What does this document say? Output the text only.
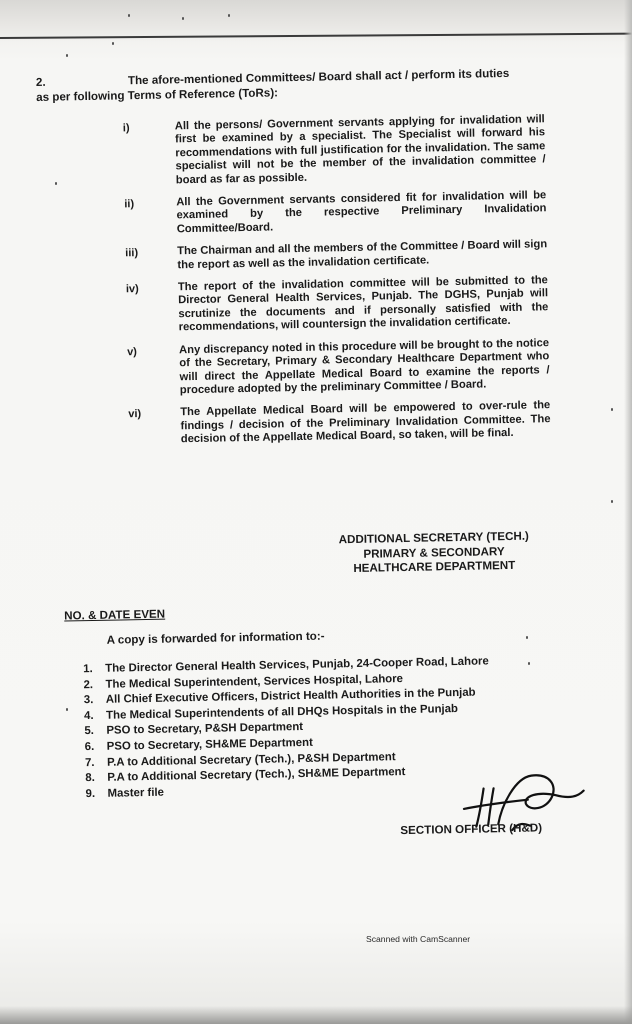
2.	The afore-mentioned Committees/ Board shall act / perform its duties
as per following Terms of Reference (ToRs):
i)	All the persons/ Government servants applying for invalidation will first be examined by a specialist. The Specialist will forward his recommendations with full justification for the invalidation. The same specialist will not be the member of the invalidation committee / board as far as possible.
ii)	All the Government servants considered fit for invalidation will be examined by the respective Preliminary Invalidation Committee/Board.
iii)	The Chairman and all the members of the Committee / Board will sign the report as well as the invalidation certificate.
iv)	The report of the invalidation committee will be submitted to the Director General Health Services, Punjab. The DGHS, Punjab will scrutinize the documents and if personally satisfied with the recommendations, will countersign the invalidation certificate.
v)	Any discrepancy noted in this procedure will be brought to the notice of the Secretary, Primary & Secondary Healthcare Department who will direct the Appellate Medical Board to examine the reports / procedure adopted by the preliminary Committee / Board.
vi)	The Appellate Medical Board will be empowered to over-rule the findings / decision of the Preliminary Invalidation Committee. The decision of the Appellate Medical Board, so taken, will be final.
ADDITIONAL SECRETARY (TECH.)
PRIMARY & SECONDARY
HEALTHCARE DEPARTMENT
NO. & DATE EVEN
A copy is forwarded for information to:-
1.	The Director General Health Services, Punjab, 24-Cooper Road, Lahore
2.	The Medical Superintendent, Services Hospital, Lahore
3.	All Chief Executive Officers, District Health Authorities in the Punjab
4.	The Medical Superintendents of all DHQs Hospitals in the Punjab
5.	PSO to Secretary, P&SH Department
6.	PSO to Secretary, SH&ME Department
7.	P.A to Additional Secretary (Tech.), P&SH Department
8.	P.A to Additional Secretary (Tech.), SH&ME Department
9.	Master file
SECTION OFFICER (H&D)
Scanned with CamScanner
